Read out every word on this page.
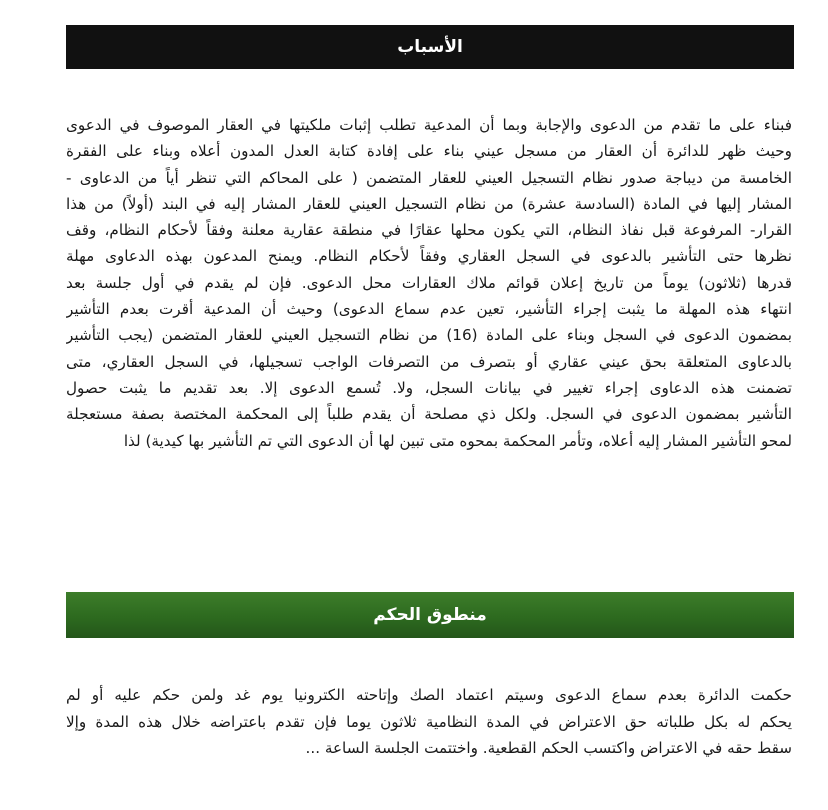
الأسباب
فبناء على ما تقدم من الدعوى والإجابة وبما أن المدعية تطلب إثبات ملكيتها في العقار الموصوف في الدعوى
وحيث ظهر للدائرة أن العقار من مسجل عيني بناء على إفادة كتابة العدل المدون أعلاه وبناء على الفقرة
الخامسة من ديباجة صدور نظام التسجيل العيني للعقار المتضمن ( على المحاكم التي تنظر أياً من الدعاوى -
المشار إليها في المادة (السادسة عشرة) من نظام التسجيل العيني للعقار المشار إليه في البند (أولاً) من هذا
القرار- المرفوعة قبل نفاذ النظام، التي يكون محلها عقارًا في منطقة عقارية معلنة وفقاً لأحكام النظام، وقف
نظرها حتى التأشير بالدعوى في السجل العقاري وفقاً لأحكام النظام. ويمنح المدعون بهذه الدعاوى مهلة
قدرها (ثلاثون) يوماً من تاريخ إعلان قوائم ملاك العقارات محل الدعوى. فإن لم يقدم في أول جلسة بعد
انتهاء هذه المهلة ما يثبت إجراء التأشير، تعين عدم سماع الدعوى) وحيث أن المدعية أقرت بعدم التأشير
بمضمون الدعوى في السجل وبناء على المادة (16) من نظام التسجيل العيني للعقار المتضمن (يجب التأشير
بالدعاوى المتعلقة بحق عيني عقاري أو بتصرف من التصرفات الواجب تسجيلها، في السجل العقاري، متى
تضمنت هذه الدعاوى إجراء تغيير في بيانات السجل، ولا. تُسمع الدعوى إلا. بعد تقديم ما يثبت حصول
التأشير بمضمون الدعوى في السجل. ولكل ذي مصلحة أن يقدم طلباً إلى المحكمة المختصة بصفة مستعجلة
لمحو التأشير المشار إليه أعلاه، وتأمر المحكمة بمحوه متى تبين لها أن الدعوى التي تم التأشير بها كيدية) لذا
منطوق الحكم
حكمت الدائرة بعدم سماع الدعوى وسيتم اعتماد الصك وإتاحته الكترونيا يوم غد ولمن حكم عليه أو لم
يحكم له بكل طلباته حق الاعتراض في المدة النظامية ثلاثون يوما فإن تقدم باعتراضه خلال هذه المدة وإلا
سقط حقه في الاعتراض واكتسب الحكم القطعية. واختتمت الجلسة الساعة ...
